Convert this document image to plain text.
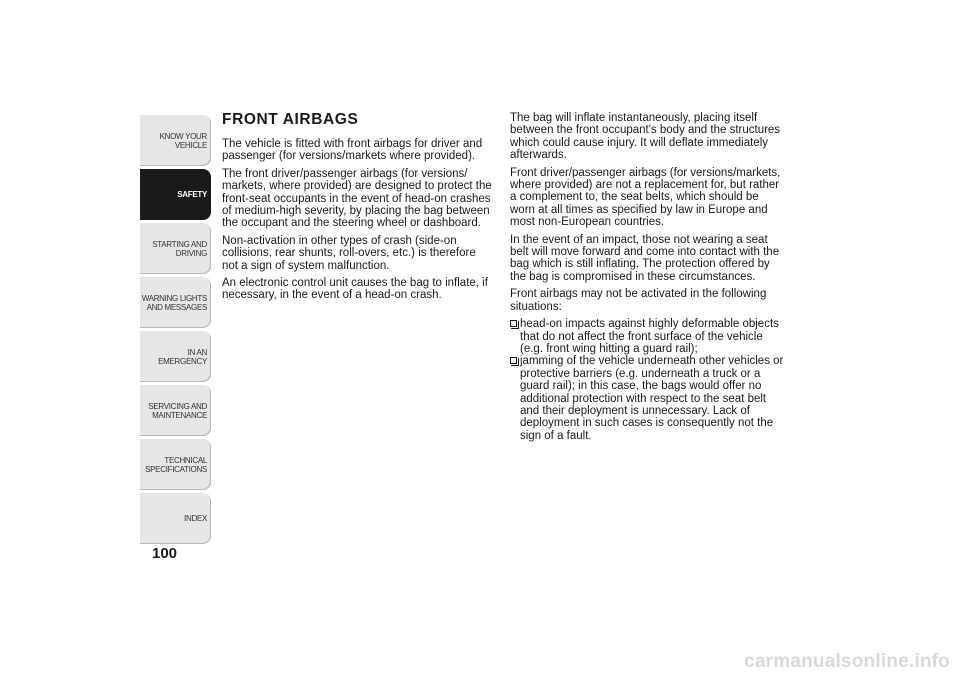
KNOW YOUR
VEHICLE
SAFETY
STARTING AND
DRIVING
WARNING LIGHTS
AND MESSAGES
IN AN EMERGENCY
SERVICING AND
MAINTENANCE
TECHNICAL
SPECIFICATIONS
INDEX
100
FRONT AIRBAGS

The vehicle is fitted with front airbags for driver and passenger (for versions/markets where provided).

The front driver/passenger airbags (for versions/ markets, where provided) are designed to protect the front-seat occupants in the event of head-on crashes of medium-high severity, by placing the bag between the occupant and the steering wheel or dashboard.

Non-activation in other types of crash (side-on collisions, rear shunts, roll-overs, etc.) is therefore not a sign of system malfunction.

An electronic control unit causes the bag to inflate, if necessary, in the event of a head-on crash.

The bag will inflate instantaneously, placing itself between the front occupant's body and the structures which could cause injury. It will deflate immediately afterwards.

Front driver/passenger airbags (for versions/markets, where provided) are not a replacement for, but rather a complement to, the seat belts, which should be worn at all times as specified by law in Europe and most non-European countries.

In the event of an impact, those not wearing a seat belt will move forward and come into contact with the bag which is still inflating. The protection offered by the bag is compromised in these circumstances.

Front airbags may not be activated in the following situations:

head-on impacts against highly deformable objects that do not affect the front surface of the vehicle (e.g. front wing hitting a guard rail);
jamming of the vehicle underneath other vehicles or protective barriers (e.g. underneath a truck or a guard rail); in this case, the bags would offer no additional protection with respect to the seat belt and their deployment is unnecessary. Lack of deployment in such cases is consequently not the sign of a fault.
carmanualsonline.info
